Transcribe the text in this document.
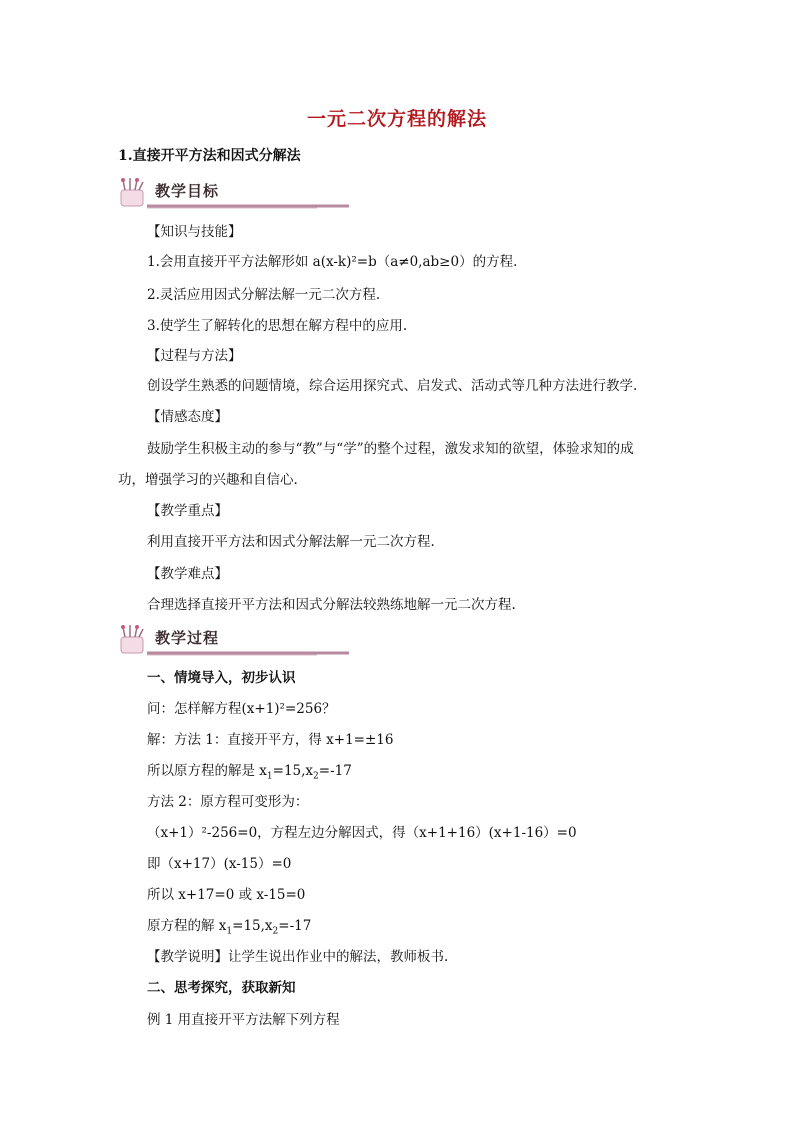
一元二次方程的解法
1.直接开平方法和因式分解法
教学目标
【知识与技能】
1.会用直接开平方法解形如 a(x-k)²=b（a≠0,ab≥0）的方程.
2.灵活应用因式分解法解一元二次方程.
3.使学生了解转化的思想在解方程中的应用.
【过程与方法】
创设学生熟悉的问题情境，综合运用探究式、启发式、活动式等几种方法进行教学.
【情感态度】
鼓励学生积极主动的参与“教”与“学”的整个过程，激发求知的欲望，体验求知的成
功，增强学习的兴趣和自信心.
【教学重点】
利用直接开平方法和因式分解法解一元二次方程.
【教学难点】
合理选择直接开平方法和因式分解法较熟练地解一元二次方程.
教学过程
一、情境导入，初步认识
问：怎样解方程(x+1)²=256？
解：方法 1：直接开平方，得 x+1=±16
所以原方程的解是 $x_1=15,x_2=-17$
方法 2：原方程可变形为：
（x+1）²-256=0，方程左边分解因式，得（x+1+16）(x+1-16）=0
即（x+17）(x-15）=0
所以 x+17=0 或 x-15=0
原方程的解 $x_1=15,x_2=-17$
【教学说明】让学生说出作业中的解法，教师板书.
二、思考探究，获取新知
例 1 用直接开平方法解下列方程
